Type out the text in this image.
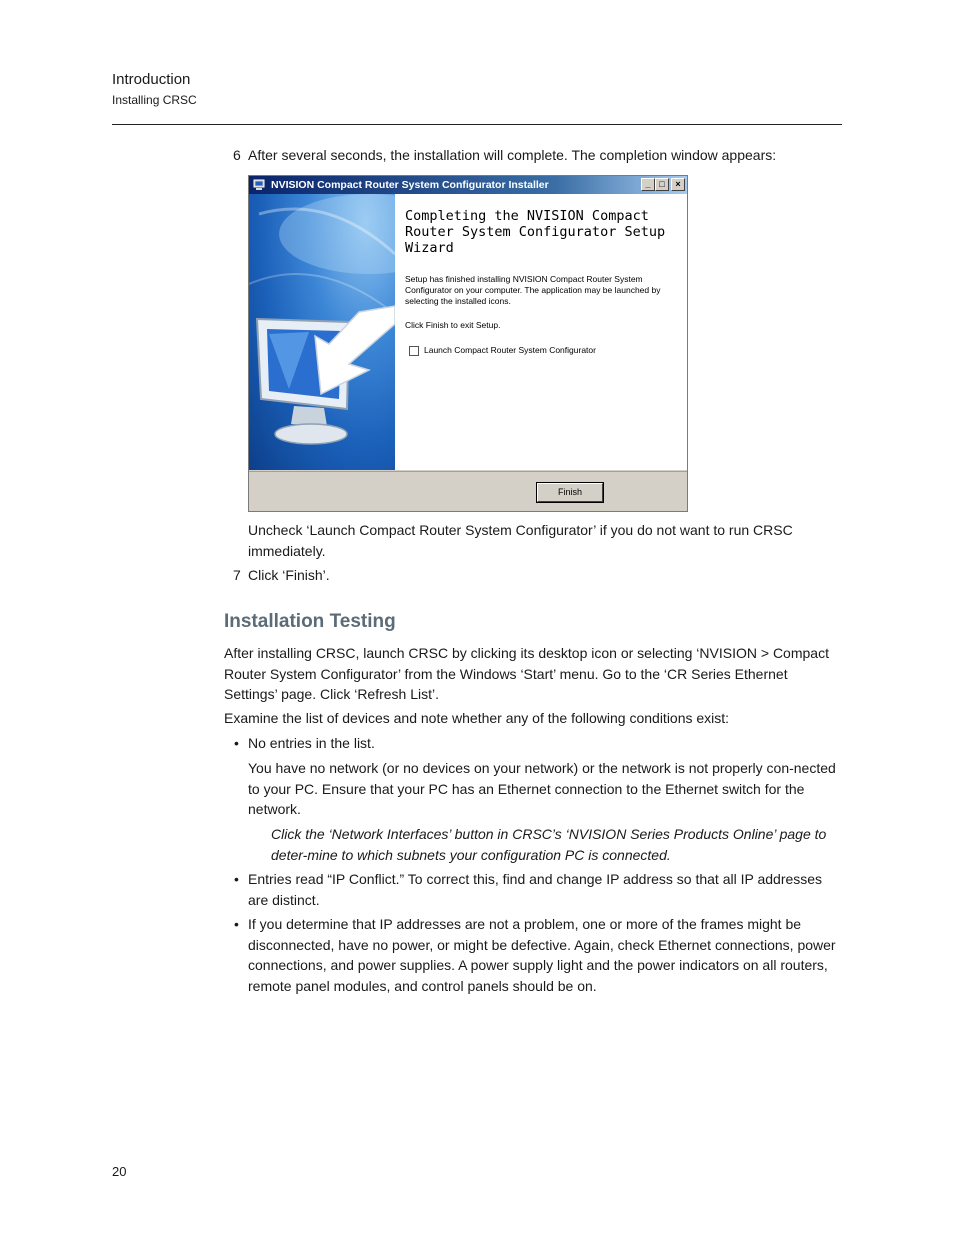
Introduction
Installing CRSC
6 After several seconds, the installation will complete. The completion window appears:
NVISION Compact Router System Configurator Installer	_ □	×
Completing the NVISION Compact Router System Configurator Setup Wizard
Setup has finished installing NVISION Compact Router System Configurator on your computer. The application may be launched by selecting the installed icons.
Click Finish to exit Setup.
Launch Compact Router System Configurator
Finish
Uncheck ‘Launch Compact Router System Configurator’ if you do not want to run CRSC immediately.
7 Click ‘Finish’.
Installation Testing
After installing CRSC, launch CRSC by clicking its desktop icon or selecting ‘NVISION > Compact Router System Configurator’ from the Windows ‘Start’ menu. Go to the ‘CR Series Ethernet Settings’ page. Click ‘Refresh List’.
Examine the list of devices and note whether any of the following conditions exist:
• No entries in the list.
You have no network (or no devices on your network) or the network is not properly con-nected to your PC. Ensure that your PC has an Ethernet connection to the Ethernet switch for the network.
Click the ‘Network Interfaces’ button in CRSC’s ‘NVISION Series Products Online’ page to deter-mine to which subnets your configuration PC is connected.
• Entries read “IP Conflict.” To correct this, find and change IP address so that all IP addresses are distinct.
• If you determine that IP addresses are not a problem, one or more of the frames might be disconnected, have no power, or might be defective. Again, check Ethernet connections, power connections, and power supplies. A power supply light and the power indicators on all routers, remote panel modules, and control panels should be on.
20
